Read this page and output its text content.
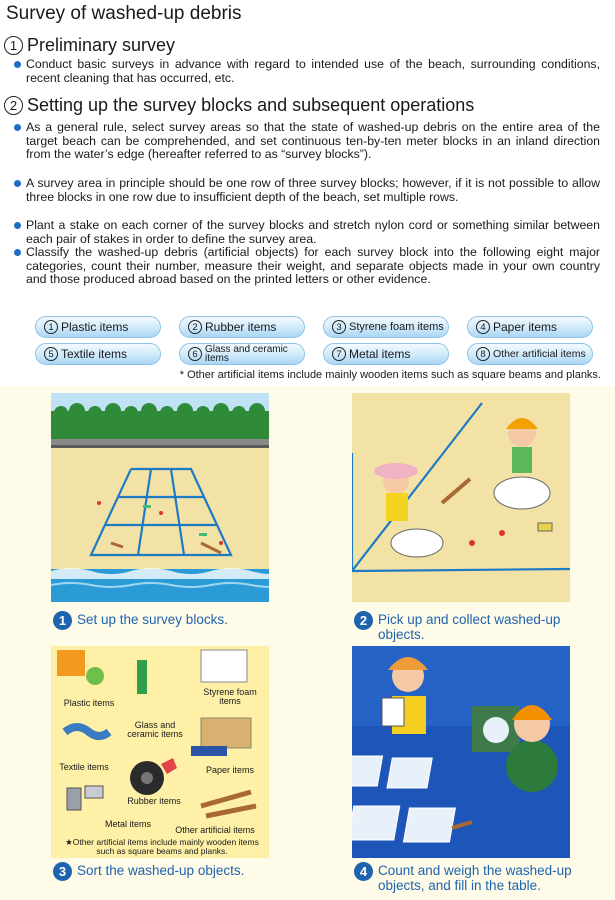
Survey of washed-up debris
1 Preliminary survey
Conduct basic surveys in advance with regard to intended use of the beach, surrounding conditions, recent cleaning that has occurred, etc.
2 Setting up the survey blocks and subsequent operations
As a general rule, select survey areas so that the state of washed-up debris on the entire area of the target beach can be comprehended, and set continuous ten-by-ten meter blocks in an inland direction from the water’s edge (hereafter referred to as “survey blocks”).
A survey area in principle should be one row of three survey blocks; however, if it is not possible to allow three blocks in one row due to insufficient depth of the beach, set multiple rows.
Plant a stake on each corner of the survey blocks and stretch nylon cord or something similar between each pair of stakes in order to define the survey area.
Classify the washed-up debris (artificial objects) for each survey block into the following eight major categories, count their number, measure their weight, and separate objects made in your own country and those produced abroad based on the printed letters or other evidence.
1 Plastic items	2 Rubber items	3 Styrene foam items	4 Paper items
5 Textile items	6 Glass and ceramic items	7 Metal items	8 Other artificial items
* Other artificial items include mainly wooden items such as square beams and planks.
1 Set up the survey blocks.	2 Pick up and collect washed-up objects.
Plastic items
Glass and ceramic items
Styrene foam items
Textile items	Paper items
Rubber items
Metal items
Other artificial items
★Other artificial items include mainly wooden items such as square beams and planks.
3 Sort the washed-up objects.	4 Count and weigh the washed-up objects, and fill in the table.
